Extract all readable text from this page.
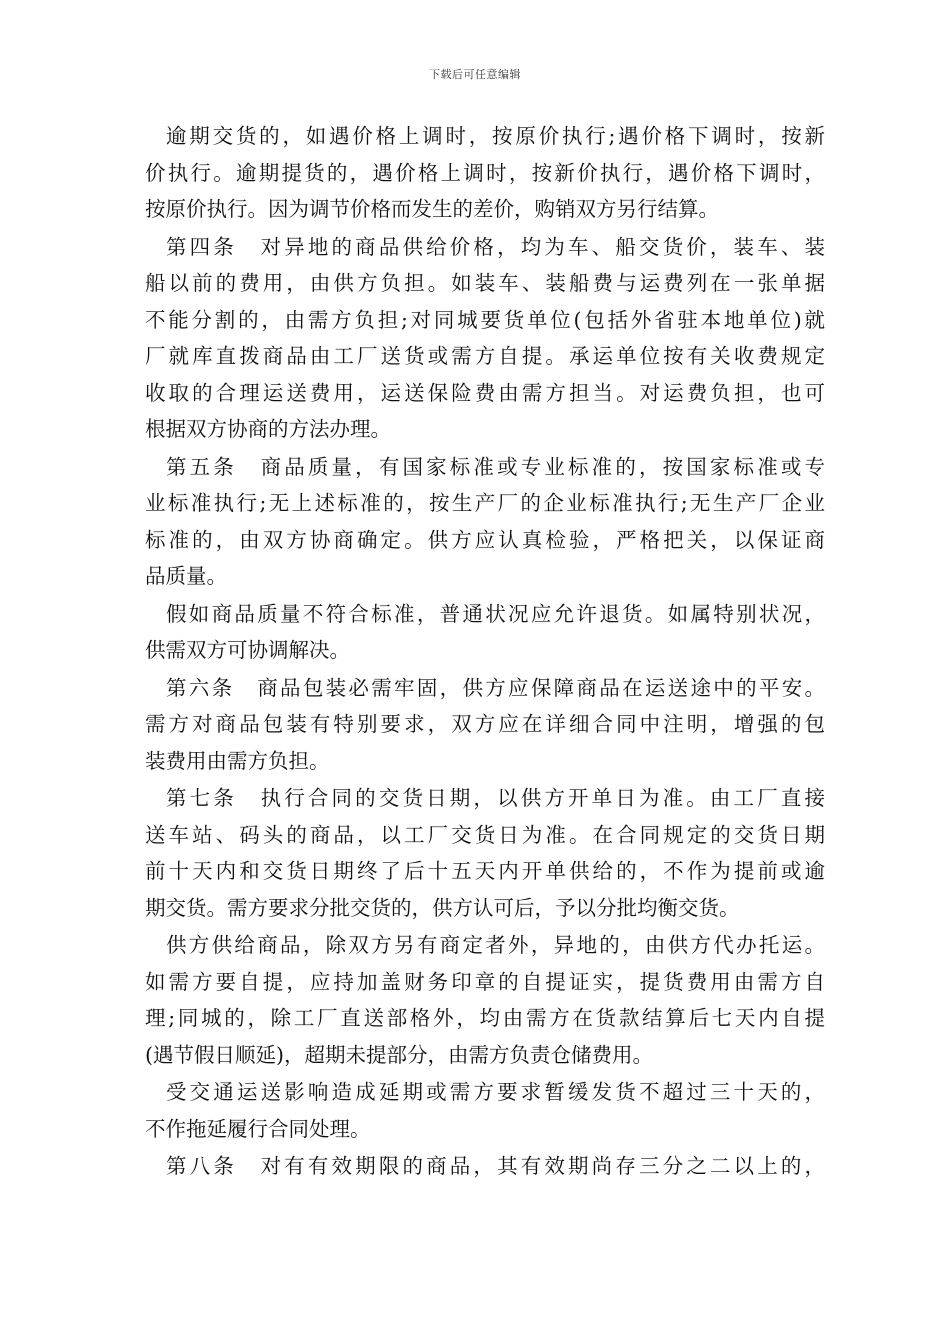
下载后可任意编辑
逾期交货的，如遇价格上调时，按原价执行;遇价格下调时，按新
价执行。逾期提货的，遇价格上调时，按新价执行，遇价格下调时，
按原价执行。因为调节价格而发生的差价，购销双方另行结算。
第四条　对异地的商品供给价格，均为车、船交货价，装车、装
船以前的费用，由供方负担。如装车、装船费与运费列在一张单据
不能分割的，由需方负担;对同城要货单位(包括外省驻本地单位)就
厂就库直拨商品由工厂送货或需方自提。承运单位按有关收费规定
收取的合理运送费用，运送保险费由需方担当。对运费负担，也可
根据双方协商的方法办理。
第五条　商品质量，有国家标准或专业标准的，按国家标准或专
业标准执行;无上述标准的，按生产厂的企业标准执行;无生产厂企业
标准的，由双方协商确定。供方应认真检验，严格把关，以保证商
品质量。
假如商品质量不符合标准，普通状况应允许退货。如属特别状况，
供需双方可协调解决。
第六条　商品包装必需牢固，供方应保障商品在运送途中的平安。
需方对商品包装有特别要求，双方应在详细合同中注明，增强的包
装费用由需方负担。
第七条　执行合同的交货日期，以供方开单日为准。由工厂直接
送车站、码头的商品，以工厂交货日为准。在合同规定的交货日期
前十天内和交货日期终了后十五天内开单供给的，不作为提前或逾
期交货。需方要求分批交货的，供方认可后，予以分批均衡交货。
供方供给商品，除双方另有商定者外，异地的，由供方代办托运。
如需方要自提，应持加盖财务印章的自提证实，提货费用由需方自
理;同城的，除工厂直送部格外，均由需方在货款结算后七天内自提
(遇节假日顺延)，超期未提部分，由需方负责仓储费用。
受交通运送影响造成延期或需方要求暂缓发货不超过三十天的，
不作拖延履行合同处理。
第八条　对有有效期限的商品，其有效期尚存三分之二以上的，
